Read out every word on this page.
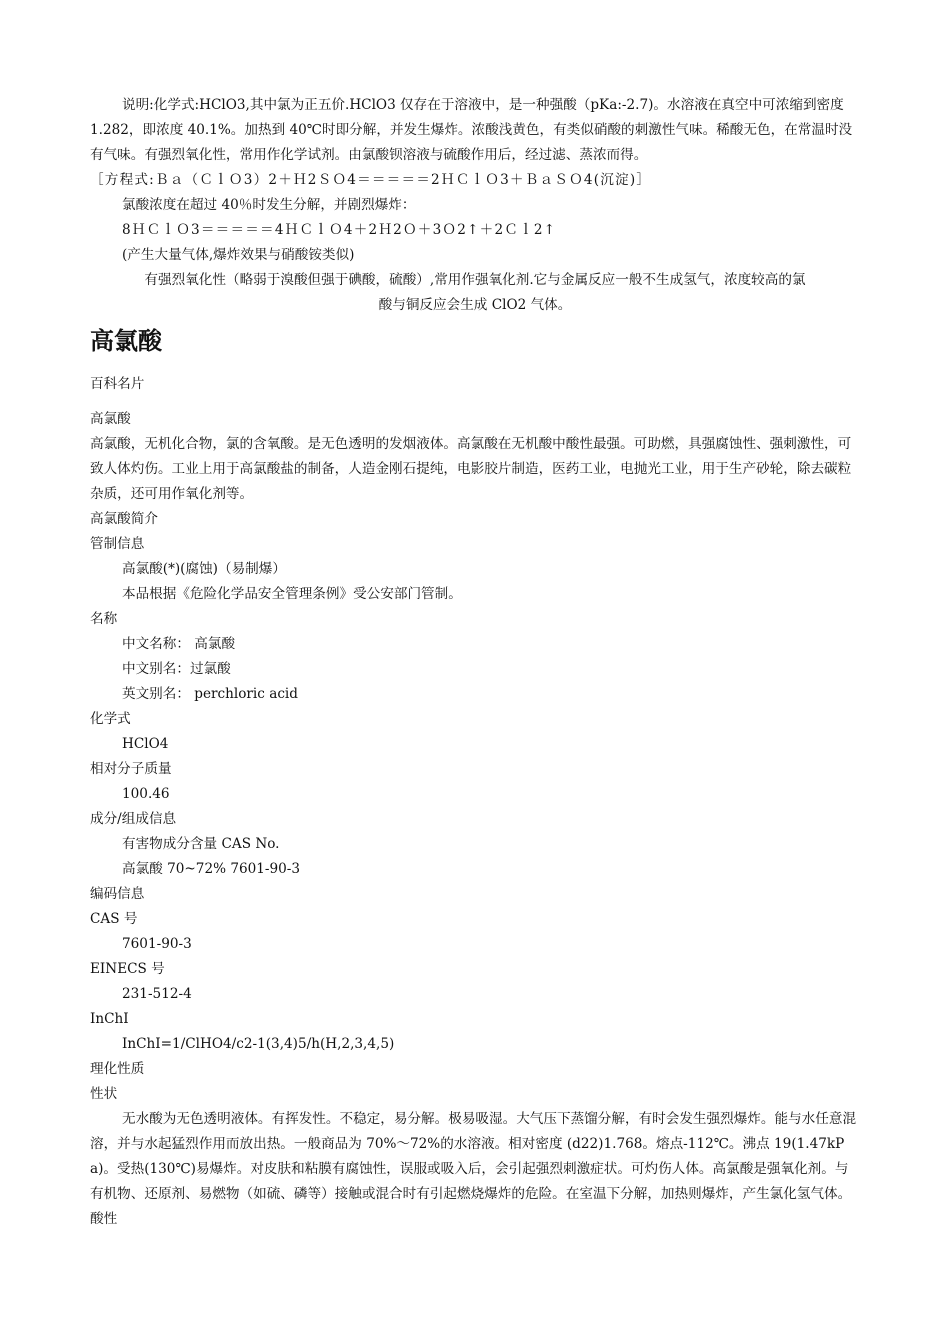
说明:化学式:HClO3,其中氯为正五价.HClO3 仅存在于溶液中，是一种强酸（pKa:-2.7)。水溶液在真空中可浓缩到密度 1.282，即浓度 40.1%。加热到 40℃时即分解，并发生爆炸。浓酸浅黄色，有类似硝酸的刺激性气味。稀酸无色，在常温时没有气味。有强烈氧化性，常用作化学试剂。由氯酸钡溶液与硫酸作用后，经过滤、蒸浓而得。

［方程式:Ｂａ（ＣｌＯ3）2＋Ｈ2ＳＯ4＝＝＝＝＝2ＨＣｌＯ3＋ＢａＳＯ4(沉淀)］

氯酸浓度在超过 40％时发生分解，并剧烈爆炸：

8ＨＣｌＯ3＝＝＝＝＝4ＨＣｌＯ4＋2Ｈ2Ｏ＋3Ｏ2↑＋2Ｃｌ2↑

(产生大量气体,爆炸效果与硝酸铵类似)

有强烈氧化性（略弱于溴酸但强于碘酸，硫酸）,常用作强氧化剂.它与金属反应一般不生成氢气，浓度较高的氯

酸与铜反应会生成 ClO2 气体。

高氯酸

百科名片

高氯酸

高氯酸，无机化合物，氯的含氧酸。是无色透明的发烟液体。高氯酸在无机酸中酸性最强。可助燃，具强腐蚀性、强刺激性，可致人体灼伤。工业上用于高氯酸盐的制备，人造金刚石提纯，电影胶片制造，医药工业，电抛光工业，用于生产砂轮，除去碳粒杂质，还可用作氧化剂等。

高氯酸简介

管制信息

高氯酸(*)(腐蚀)（易制爆）

本品根据《危险化学品安全管理条例》受公安部门管制。

名称

中文名称： 高氯酸

中文别名：过氯酸

英文别名： perchloric acid

化学式

HClO4

相对分子质量

100.46

成分/组成信息

有害物成分含量 CAS No.

高氯酸 70~72% 7601-90-3

编码信息

CAS 号

7601-90-3

EINECS 号

231-512-4

InChI

InChI=1/ClHO4/c2-1(3,4)5/h(H,2,3,4,5)

理化性质

性状

无水酸为无色透明液体。有挥发性。不稳定，易分解。极易吸湿。大气压下蒸馏分解，有时会发生强烈爆炸。能与水任意混溶，并与水起猛烈作用而放出热。一般商品为 70%～72%的水溶液。相对密度 (d22)1.768。熔点-112℃。沸点 19(1.47kPa)。受热(130℃)易爆炸。对皮肤和粘膜有腐蚀性，误服或吸入后，会引起强烈刺激症状。可灼伤人体。高氯酸是强氧化剂。与有机物、还原剂、易燃物（如硫、磷等）接触或混合时有引起燃烧爆炸的危险。在室温下分解，加热则爆炸，产生氯化氢气体。

酸性
